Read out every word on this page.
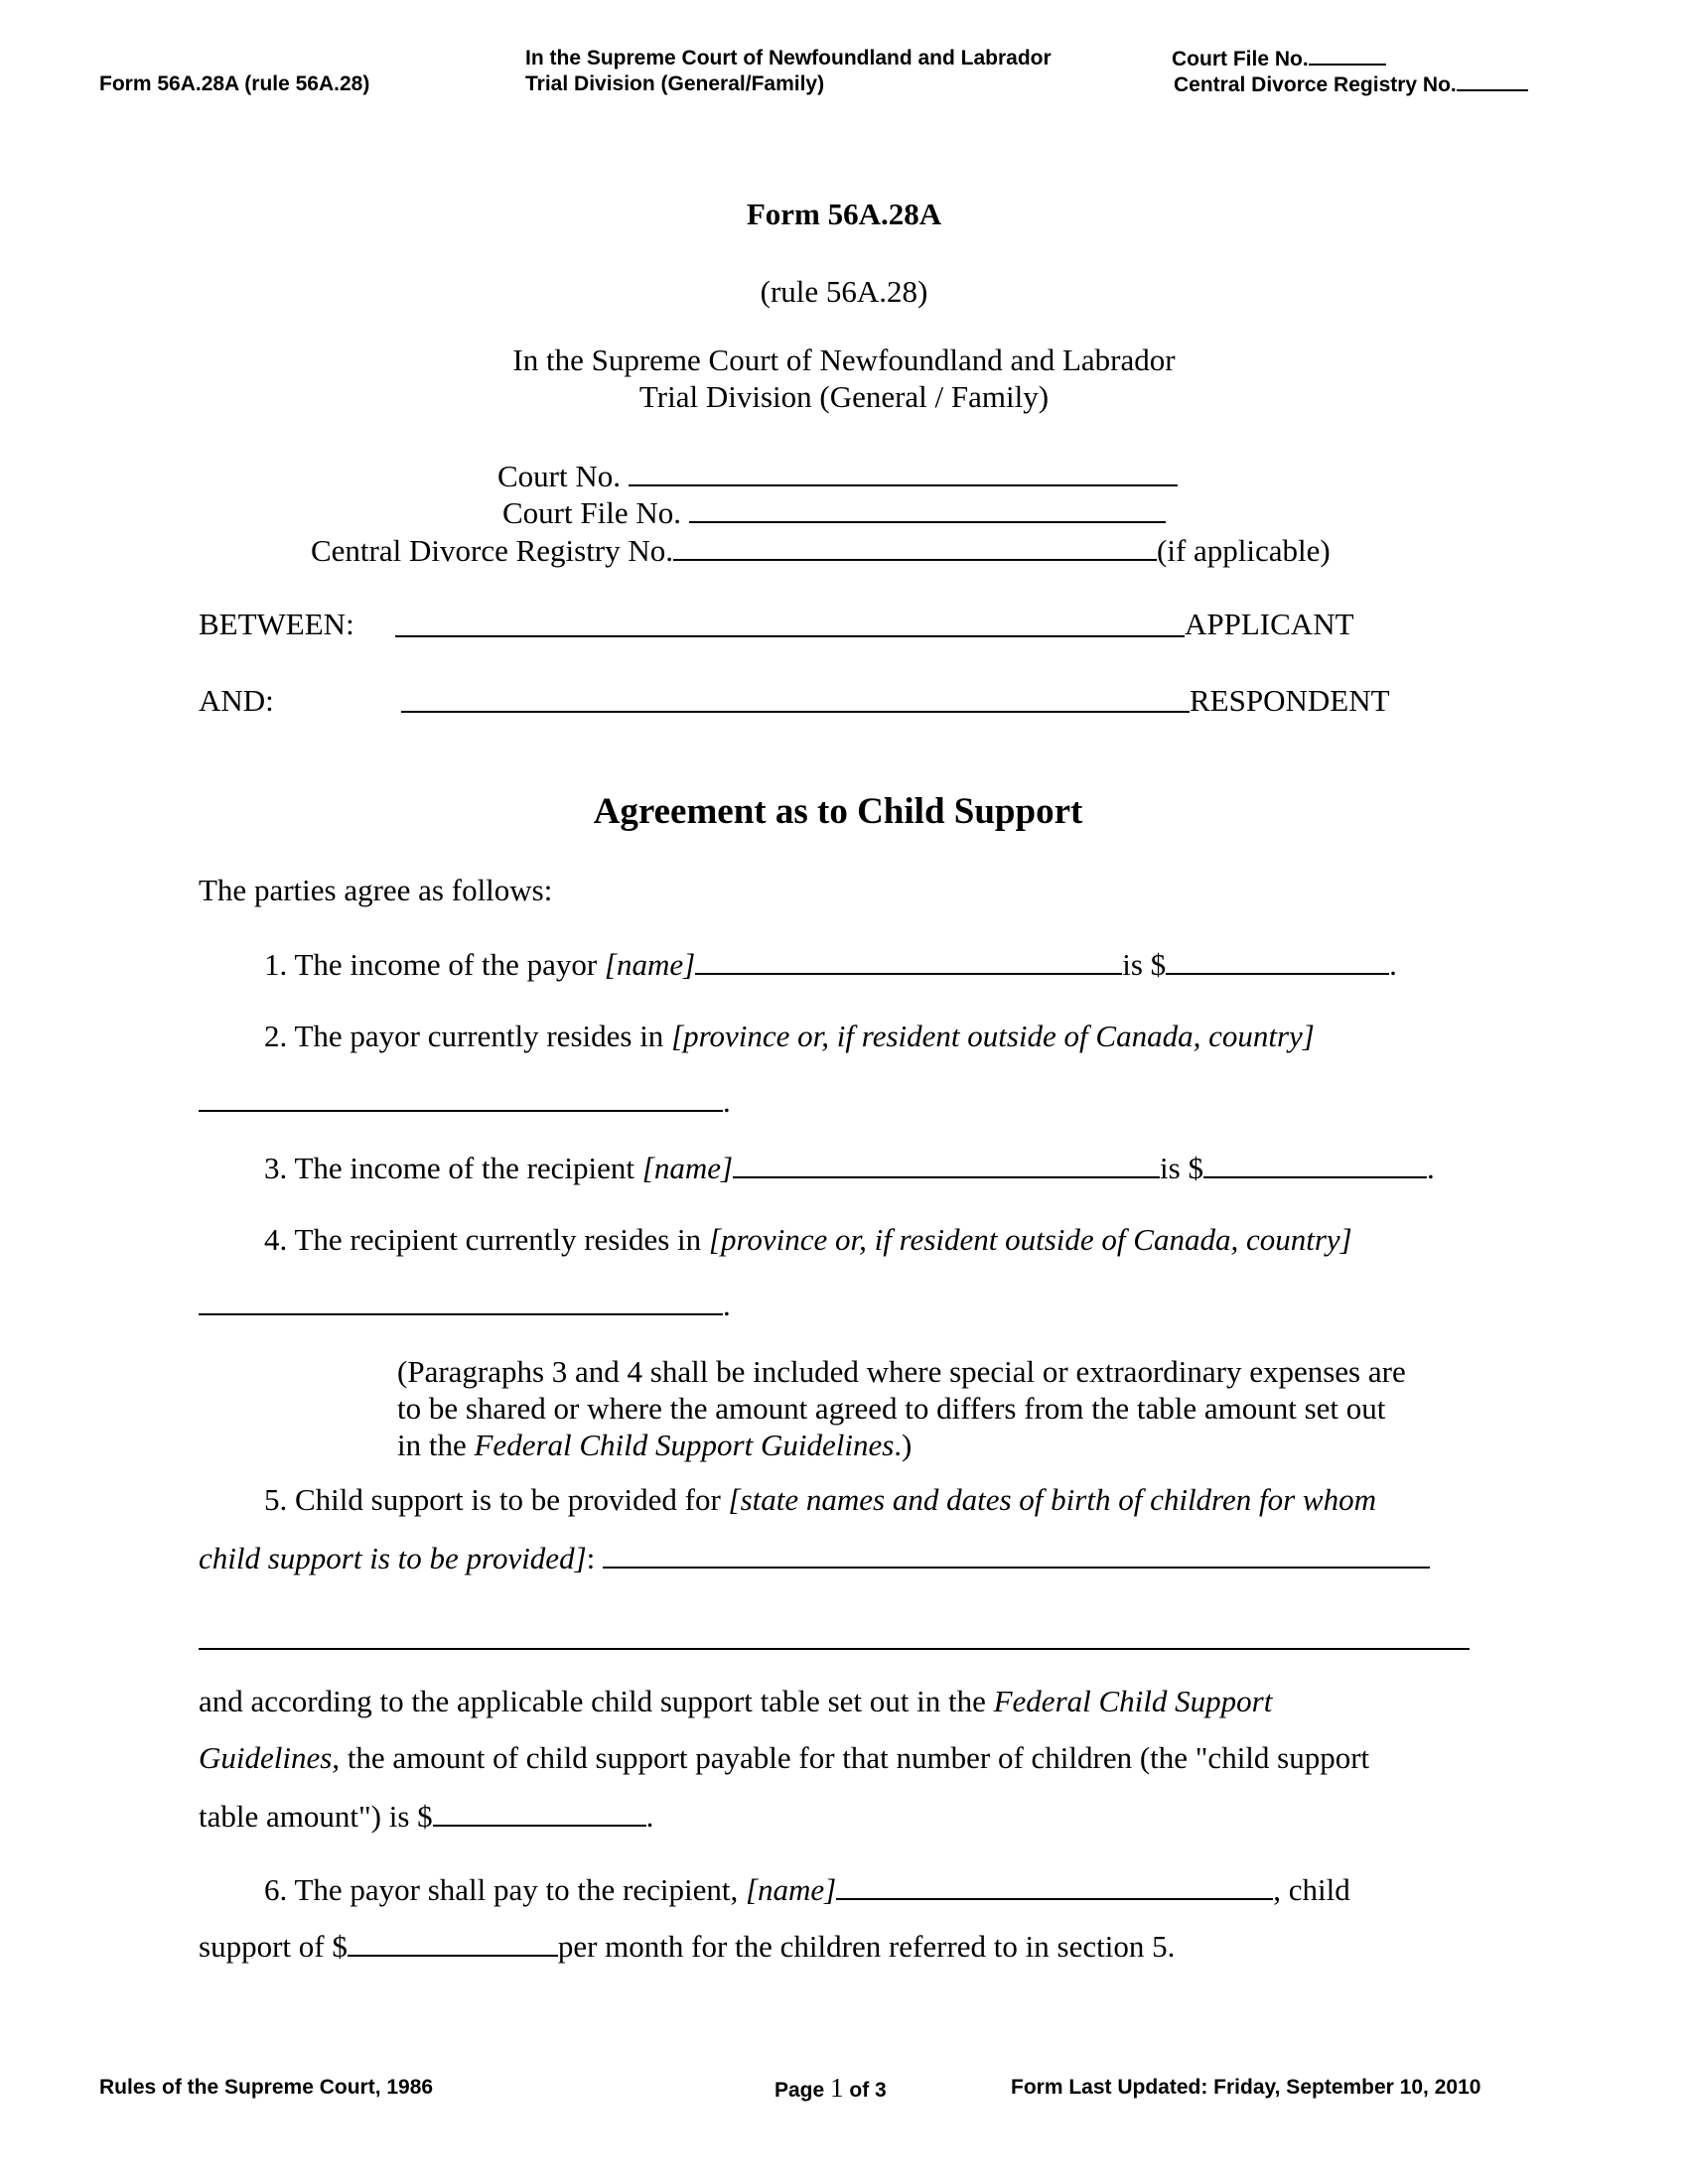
Form 56A.28A (rule 56A.28)
In the Supreme Court of Newfoundland and Labrador
Trial Division (General/Family)
Court File No.
Central Divorce Registry No.
Form 56A.28A
(rule 56A.28)
In the Supreme Court of Newfoundland and Labrador
Trial Division (General / Family)
Court No.
Court File No.
Central Divorce Registry No.	(if applicable)
BETWEEN:	APPLICANT
AND:	RESPONDENT
Agreement as to Child Support
The parties agree as follows:
1. The income of the payor [name]	is $	.
2. The payor currently resides in [province or, if resident outside of Canada, country]
.
3. The income of the recipient [name]	is $	.
4. The recipient currently resides in [province or, if resident outside of Canada, country]
.
(Paragraphs 3 and 4 shall be included where special or extraordinary expenses are
to be shared or where the amount agreed to differs from the table amount set out
in the Federal Child Support Guidelines.)
5. Child support is to be provided for [state names and dates of birth of children for whom
child support is to be provided]:
and according to the applicable child support table set out in the Federal Child Support
Guidelines, the amount of child support payable for that number of children (the "child support
table amount") is $	.
6. The payor shall pay to the recipient, [name]	, child
support of $	per month for the children referred to in section 5.
Rules of the Supreme Court, 1986	Page 1 of 3	Form Last Updated: Friday, September 10, 2010
